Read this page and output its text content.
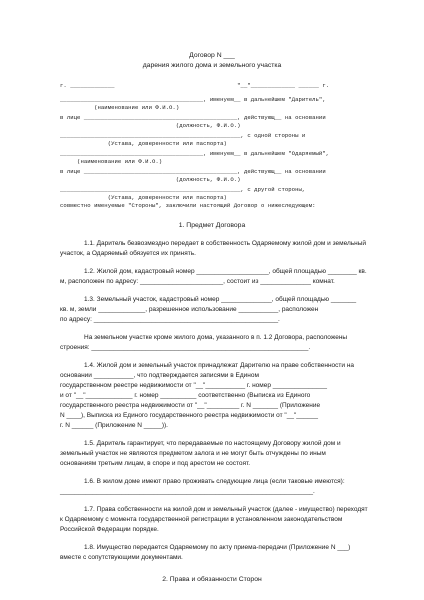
Договор N ___
дарения жилого дома и земельного участка
г. _____________                                    "__"_____________ ______ г.
__________________________________________, именуем__ в дальнейшем "Даритель",
(наименование или Ф.И.О.)
в лице _____________________________________________, действующ__ на основании
(должность, Ф.И.О.)
_____________________________________________________, с одной стороны и
(Устава, доверенности или паспорта)
__________________________________________, именуем__ в дальнейшем "Одаряемый",
(наименование или Ф.И.О.)
в лице _____________________________________________, действующ__ на основании
(должность, Ф.И.О.)
_____________________________________________________, с другой стороны,
(Устава, доверенности или паспорта)
совместно именуемые "Стороны", заключили настоящий Договор о нижеследующем:
1. Предмет Договора
1.1. Даритель безвозмездно передает в собственность Одаряемому жилой дом и земельный
участок, а Одаряемый обязуется их принять.
1.2. Жилой дом, кадастровый номер ____________________, общей площадью ________ кв.
м, расположен по адресу: _______________________, состоит из ______________ комнат.
1.3. Земельный участок, кадастровый номер ______________, общей площадью _______
кв. м, земли _____________, разрешенное использование ___________, расположен
по адресу: ___________________________________________________.
На земельном участке кроме жилого дома, указанного в п. 1.2 Договора, расположены
строения: ____________________________________________________________.
1.4. Жилой дом и земельный участок принадлежат Дарителю на праве собственности на
основании ___________, что подтверждается записями в Едином
государственном реестре недвижимости от "__"___________ г. номер _______________
и от "__"_____________ г. номер __________ соответственно (Выписка из Единого
государственного реестра недвижимости от "__"_________ г. N _______ (Приложение
N ____), Выписка из Единого государственного реестра недвижимости от "__"______
г. N ______ (Приложение N _____)).
1.5. Даритель гарантирует, что передаваемые по настоящему Договору жилой дом и
земельный участок не являются предметом залога и не могут быть отчуждены по иным
основаниям третьим лицам, в споре и под арестом не состоят.
1.6. В жилом доме имеют право проживать следующие лица (если таковые имеются):
______________________________________________________________________.
1.7. Права собственности на жилой дом и земельный участок (далее - имущество) переходят
к Одаряемому с момента государственной регистрации в установленном законодательством
Российской Федерации порядке.
1.8. Имущество передается Одаряемому по акту приема-передачи (Приложение N ___)
вместе с сопутствующими документами.
2. Права и обязанности Сторон
